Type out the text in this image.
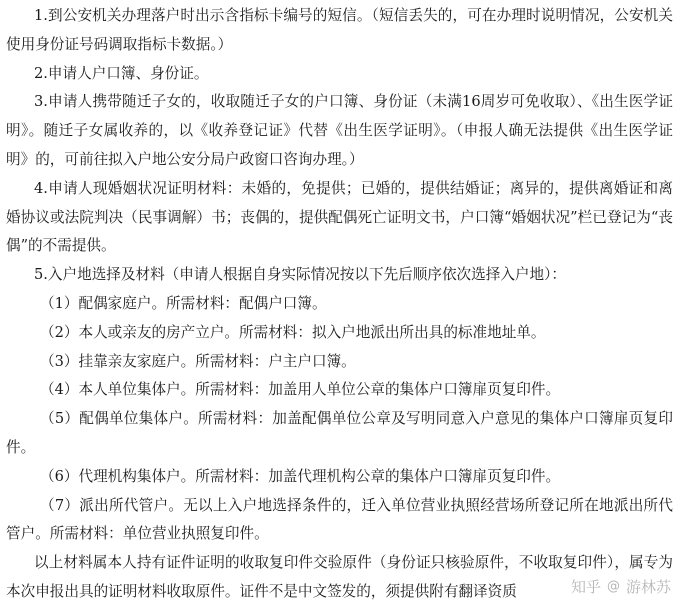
1.到公安机关办理落户时出示含指标卡编号的短信。（短信丢失的，可在办理时说明情况，公安机关使用身份证号码调取指标卡数据。）

2.申请人户口簿、身份证。

3.申请人携带随迁子女的，收取随迁子女的户口簿、身份证（未满16周岁可免收取）、《出生医学证明》。随迁子女属收养的，以《收养登记证》代替《出生医学证明》。（申报人确无法提供《出生医学证明》的，可前往拟入户地公安分局户政窗口咨询办理。）

4.申请人现婚姻状况证明材料：未婚的，免提供；已婚的，提供结婚证；离异的，提供离婚证和离婚协议或法院判决（民事调解）书；丧偶的，提供配偶死亡证明文书，户口簿“婚姻状况”栏已登记为“丧偶”的不需提供。

5.入户地选择及材料（申请人根据自身实际情况按以下先后顺序依次选择入户地）：

（1）配偶家庭户。所需材料：配偶户口簿。

（2）本人或亲友的房产立户。所需材料：拟入户地派出所出具的标准地址单。

（3）挂靠亲友家庭户。所需材料：户主户口簿。

（4）本人单位集体户。所需材料：加盖用人单位公章的集体户口簿扉页复印件。

（5）配偶单位集体户。所需材料：加盖配偶单位公章及写明同意入户意见的集体户口簿扉页复印件。

（6）代理机构集体户。所需材料：加盖代理机构公章的集体户口簿扉页复印件。

（7）派出所代管户。无以上入户地选择条件的，迁入单位营业执照经营场所登记所在地派出所代管户。所需材料：单位营业执照复印件。

以上材料属本人持有证件证明的收取复印件交验原件（身份证只核验原件，不收取复印件），属专为本次申报出具的证明材料收取原件。证件不是中文签发的，须提供附有翻译资质	知乎 @ 游林苏
